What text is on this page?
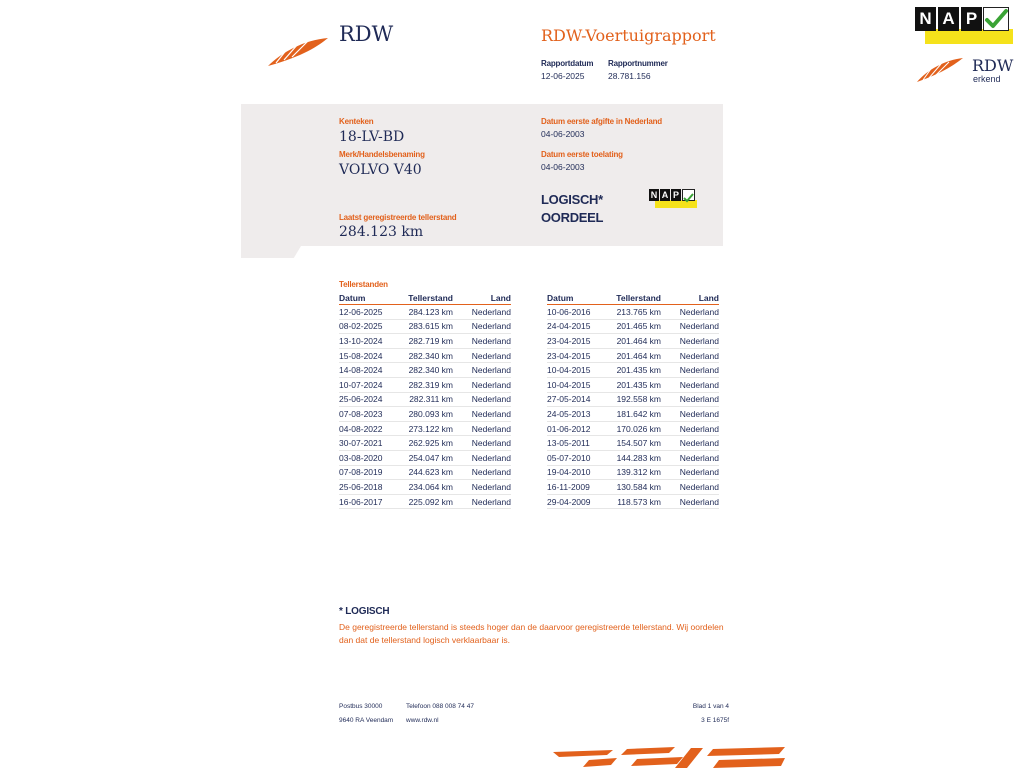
N A P
RDW
erkend
RDW	RDW-Voertuigrapport
Rapportdatum
12-06-2025
Rapportnummer
28.781.156
Kenteken
18-LV-BD
Merk/Handelsbenaming
VOLVO V40
Laatst geregistreerde tellerstand
284.123 km
Datum eerste afgifte in Nederland
04-06-2003
Datum eerste toelating
04-06-2003
LOGISCH*
OORDEEL
N A P
Tellerstanden
Datum	Tellerstand	Land
12-06-2025	284.123 km	Nederland
08-02-2025	283.615 km	Nederland
13-10-2024	282.719 km	Nederland
15-08-2024	282.340 km	Nederland
14-08-2024	282.340 km	Nederland
10-07-2024	282.319 km	Nederland
25-06-2024	282.311 km	Nederland
07-08-2023	280.093 km	Nederland
04-08-2022	273.122 km	Nederland
30-07-2021	262.925 km	Nederland
03-08-2020	254.047 km	Nederland
07-08-2019	244.623 km	Nederland
25-06-2018	234.064 km	Nederland
16-06-2017	225.092 km	Nederland
Datum	Tellerstand	Land
10-06-2016	213.765 km	Nederland
24-04-2015	201.465 km	Nederland
23-04-2015	201.464 km	Nederland
23-04-2015	201.464 km	Nederland
10-04-2015	201.435 km	Nederland
10-04-2015	201.435 km	Nederland
27-05-2014	192.558 km	Nederland
24-05-2013	181.642 km	Nederland
01-06-2012	170.026 km	Nederland
13-05-2011	154.507 km	Nederland
05-07-2010	144.283 km	Nederland
19-04-2010	139.312 km	Nederland
16-11-2009	130.584 km	Nederland
29-04-2009	118.573 km	Nederland
* LOGISCH
De geregistreerde tellerstand is steeds hoger dan de daarvoor geregistreerde tellerstand. Wij oordelen dan dat de tellerstand logisch verklaarbaar is.
Postbus 30000
9640 RA Veendam
Telefoon 088 008 74 47
www.rdw.nl
Blad 1 van 4
3 E 1675f
